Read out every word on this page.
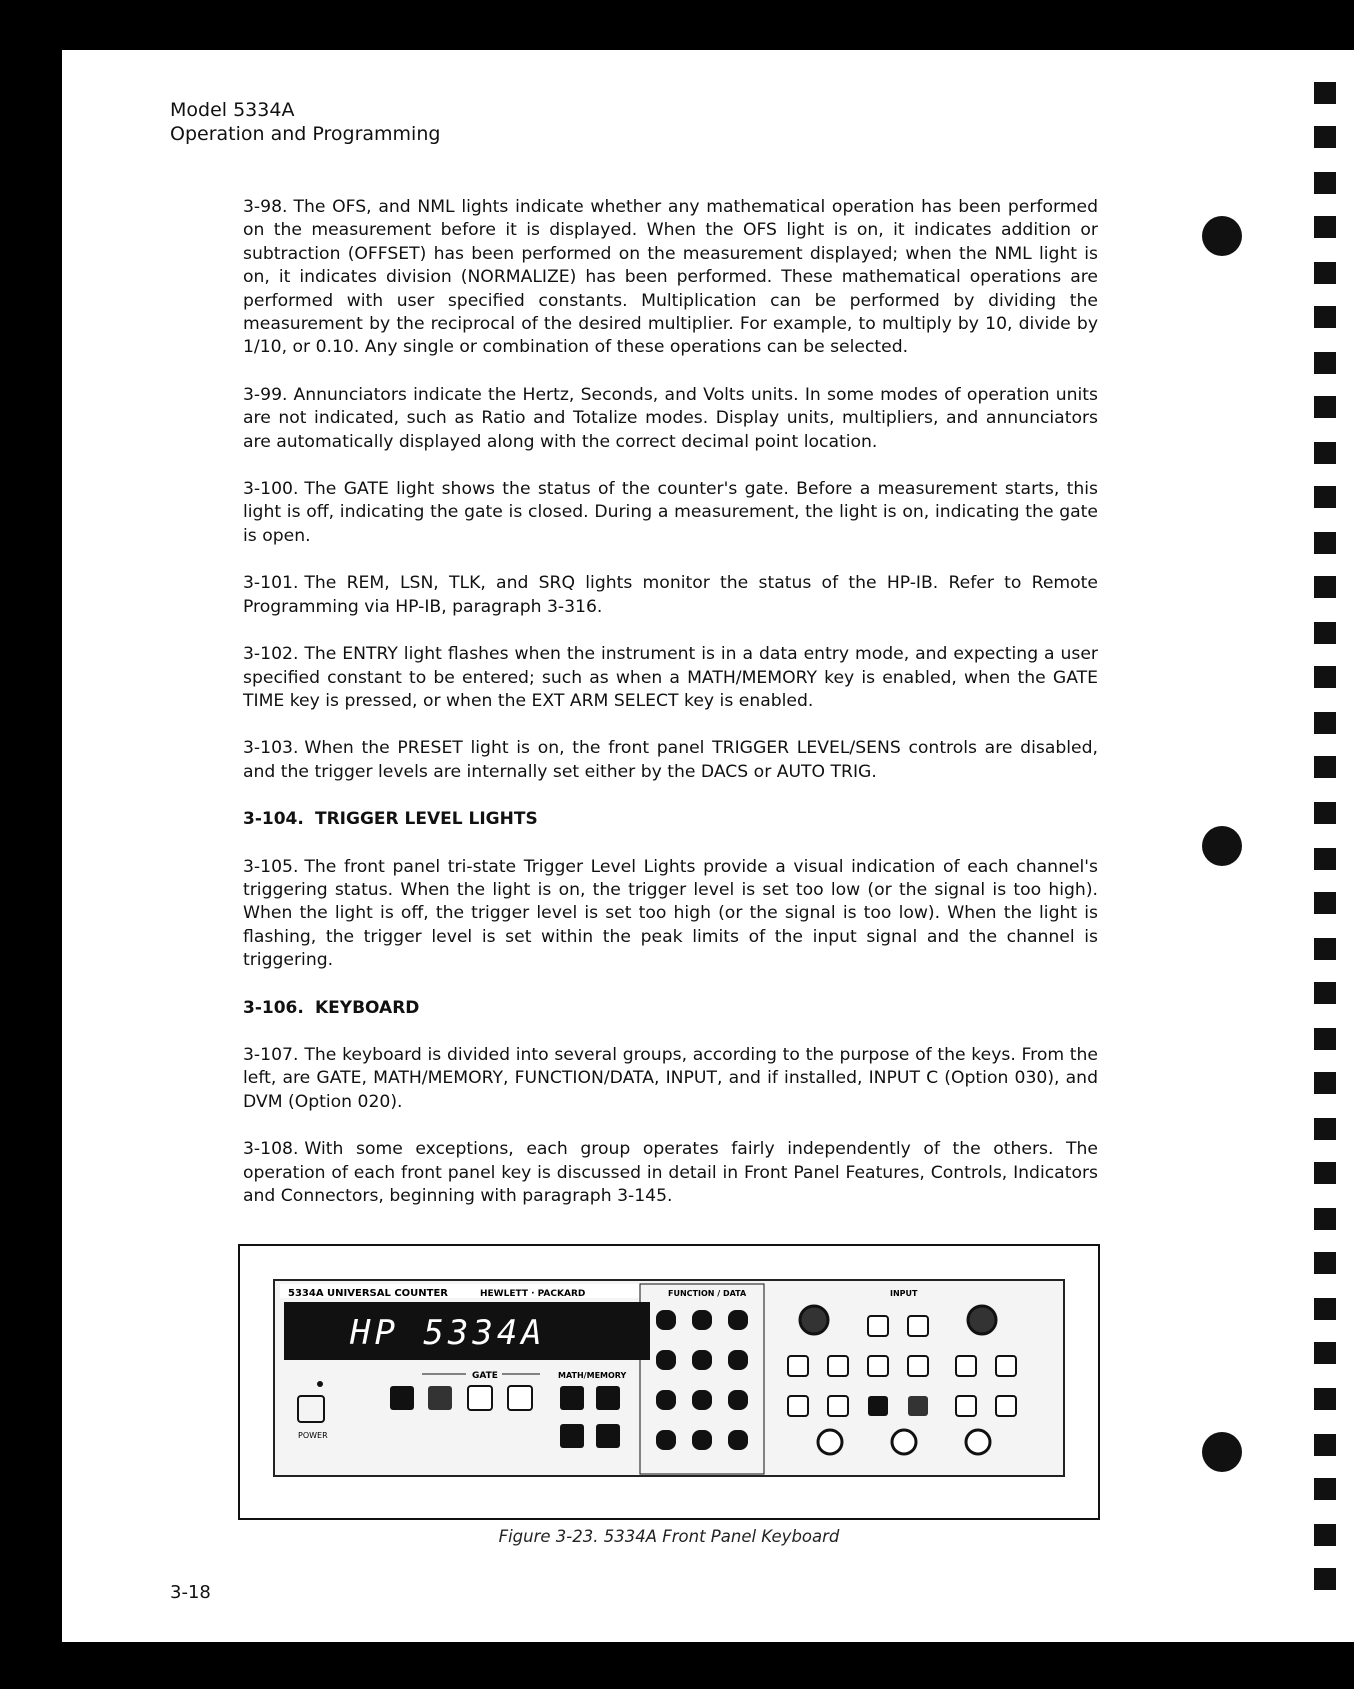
Model 5334A
Operation and Programming

3-98. The OFS, and NML lights indicate whether any mathematical operation has been performed on the measurement before it is displayed. When the OFS light is on, it indicates addition or subtraction (OFFSET) has been performed on the measurement displayed; when the NML light is on, it indicates division (NORMALIZE) has been performed. These mathematical operations are performed with user specified constants. Multiplication can be performed by dividing the measurement by the reciprocal of the desired multiplier. For example, to multiply by 10, divide by 1/10, or 0.10. Any single or combination of these operations can be selected.

3-99. Annunciators indicate the Hertz, Seconds, and Volts units. In some modes of operation units are not indicated, such as Ratio and Totalize modes. Display units, multipliers, and annunciators are automatically displayed along with the correct decimal point location.

3-100. The GATE light shows the status of the counter's gate. Before a measurement starts, this light is off, indicating the gate is closed. During a measurement, the light is on, indicating the gate is open.

3-101. The REM, LSN, TLK, and SRQ lights monitor the status of the HP-IB. Refer to Remote Programming via HP-IB, paragraph 3-316.

3-102. The ENTRY light flashes when the instrument is in a data entry mode, and expecting a user specified constant to be entered; such as when a MATH/MEMORY key is enabled, when the GATE TIME key is pressed, or when the EXT ARM SELECT key is enabled.

3-103. When the PRESET light is on, the front panel TRIGGER LEVEL/SENS controls are disabled, and the trigger levels are internally set either by the DACS or AUTO TRIG.

3-104. TRIGGER LEVEL LIGHTS

3-105. The front panel tri-state Trigger Level Lights provide a visual indication of each channel's triggering status. When the light is on, the trigger level is set too low (or the signal is too high). When the light is off, the trigger level is set too high (or the signal is too low). When the light is flashing, the trigger level is set within the peak limits of the input signal and the channel is triggering.

3-106. KEYBOARD

3-107. The keyboard is divided into several groups, according to the purpose of the keys. From the left, are GATE, MATH/MEMORY, FUNCTION/DATA, INPUT, and if installed, INPUT C (Option 030), and DVM (Option 020).

3-108. With some exceptions, each group operates fairly independently of the others. The operation of each front panel key is discussed in detail in Front Panel Features, Controls, Indicators and Connectors, beginning with paragraph 3-145.

5334A UNIVERSAL COUNTER	HEWLETT · PACKARD
HP 5334A
POWER
GATE	MATH/MEMORY
FUNCTION / DATA	INPUT
Figure 3-23. 5334A Front Panel Keyboard
3-18
